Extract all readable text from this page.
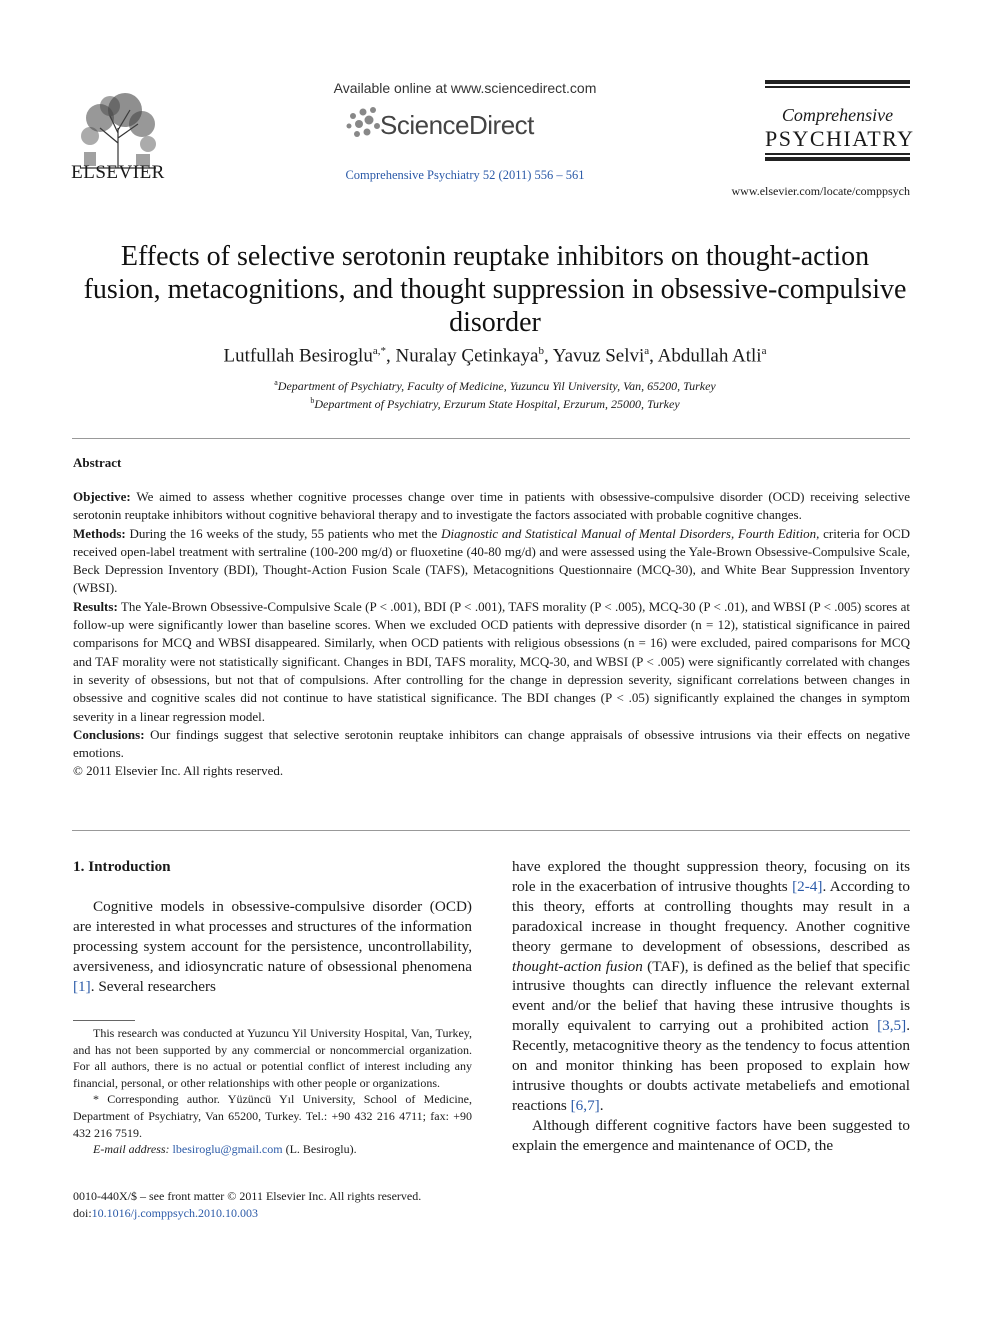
ELSEVIER
Available online at www.sciencedirect.com
ScienceDirect
Comprehensive Psychiatry 52 (2011) 556 – 561
Comprehensive
PSYCHIATRY
www.elsevier.com/locate/comppsych
Effects of selective serotonin reuptake inhibitors on thought-action fusion, metacognitions, and thought suppression in obsessive-compulsive disorder
Lutfullah Besiroglu$^{a,*}$, Nuralay Çetinkaya$^b$, Yavuz Selvi$^a$, Abdullah Atli$^a$
$^a$Department of Psychiatry, Faculty of Medicine, Yuzuncu Yil University, Van, 65200, Turkey
$^b$Department of Psychiatry, Erzurum State Hospital, Erzurum, 25000, Turkey
Abstract

Objective: We aimed to assess whether cognitive processes change over time in patients with obsessive-compulsive disorder (OCD) receiving selective serotonin reuptake inhibitors without cognitive behavioral therapy and to investigate the factors associated with probable cognitive changes.

Methods: During the 16 weeks of the study, 55 patients who met the Diagnostic and Statistical Manual of Mental Disorders, Fourth Edition, criteria for OCD received open-label treatment with sertraline (100-200 mg/d) or fluoxetine (40-80 mg/d) and were assessed using the Yale-Brown Obsessive-Compulsive Scale, Beck Depression Inventory (BDI), Thought-Action Fusion Scale (TAFS), Metacognitions Questionnaire (MCQ-30), and White Bear Suppression Inventory (WBSI).

Results: The Yale-Brown Obsessive-Compulsive Scale (P < .001), BDI (P < .001), TAFS morality (P < .005), MCQ-30 (P < .01), and WBSI (P < .005) scores at follow-up were significantly lower than baseline scores. When we excluded OCD patients with depressive disorder (n = 12), statistical significance in paired comparisons for MCQ and WBSI disappeared. Similarly, when OCD patients with religious obsessions (n = 16) were excluded, paired comparisons for MCQ and TAF morality were not statistically significant. Changes in BDI, TAFS morality, MCQ-30, and WBSI (P < .005) were significantly correlated with changes in severity of obsessions, but not that of compulsions. After controlling for the change in depression severity, significant correlations between changes in obsessive and cognitive scales did not continue to have statistical significance. The BDI changes (P < .05) significantly explained the changes in symptom severity in a linear regression model.

Conclusions: Our findings suggest that selective serotonin reuptake inhibitors can change appraisals of obsessive intrusions via their effects on negative emotions.

© 2011 Elsevier Inc. All rights reserved.

1. Introduction

Cognitive models in obsessive-compulsive disorder (OCD) are interested in what processes and structures of the information processing system account for the persistence, uncontrollability, aversiveness, and idiosyncratic nature of obsessional phenomena [1]. Several researchers

This research was conducted at Yuzuncu Yil University Hospital, Van, Turkey, and has not been supported by any commercial or noncommercial organization. For all authors, there is no actual or potential conflict of interest including any financial, personal, or other relationships with other people or organizations.

* Corresponding author. Yüzüncü Yıl University, School of Medicine, Department of Psychiatry, Van 65200, Turkey. Tel.: +90 432 216 4711; fax: +90 432 216 7519.

E-mail address: lbesiroglu@gmail.com (L. Besiroglu).

0010-440X/$ – see front matter © 2011 Elsevier Inc. All rights reserved.
doi:10.1016/j.comppsych.2010.10.003

have explored the thought suppression theory, focusing on its role in the exacerbation of intrusive thoughts [2-4]. According to this theory, efforts at controlling thoughts may result in a paradoxical increase in thought frequency. Another cognitive theory germane to development of obsessions, described as thought-action fusion (TAF), is defined as the belief that specific intrusive thoughts can directly influence the relevant external event and/or the belief that having these intrusive thoughts is morally equivalent to carrying out a prohibited action [3,5]. Recently, metacognitive theory as the tendency to focus attention on and monitor thinking has been proposed to explain how intrusive thoughts or doubts activate metabeliefs and emotional reactions [6,7].

Although different cognitive factors have been suggested to explain the emergence and maintenance of OCD, the
